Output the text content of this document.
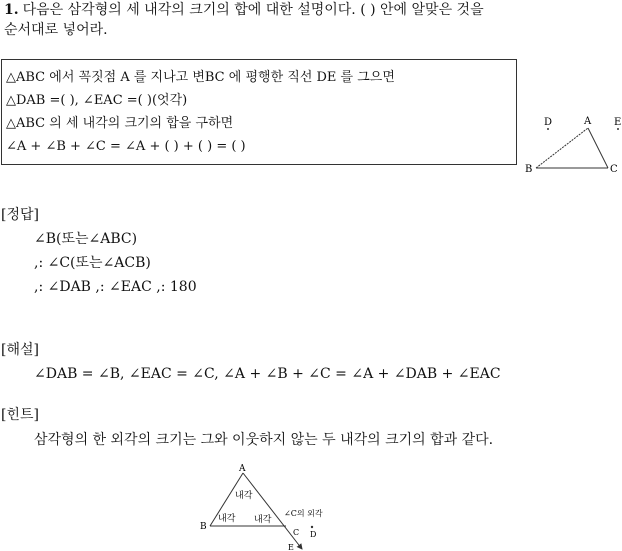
1. 다음은 삼각형의 세 내각의 크기의 합에 대한 설명이다. ( ) 안에 알맞은 것을
순서대로 넣어라.
△ABC 에서 꼭짓점 A 를 지나고 변BC 에 평행한 직선 DE 를 그으면
△DAB =( ), ∠EAC =( )(엇각)
△ABC 의 세 내각의 크기의 합을 구하면
∠A + ∠B + ∠C = ∠A + ( ) + ( ) = ( )
D	A E
B	C
[정답]
∠B(또는∠ABC)
,: ∠C(또는∠ACB)
,: ∠DAB ,: ∠EAC ,: 180
[해설]
∠DAB = ∠B, ∠EAC = ∠C, ∠A + ∠B + ∠C = ∠A + ∠DAB + ∠EAC
[힌트]
삼각형의 한 외각의 크기는 그와 이웃하지 않는 두 내각의 크기의 합과 같다.
A
B
C D
E
내각
내각 내각
∠C의 외각
